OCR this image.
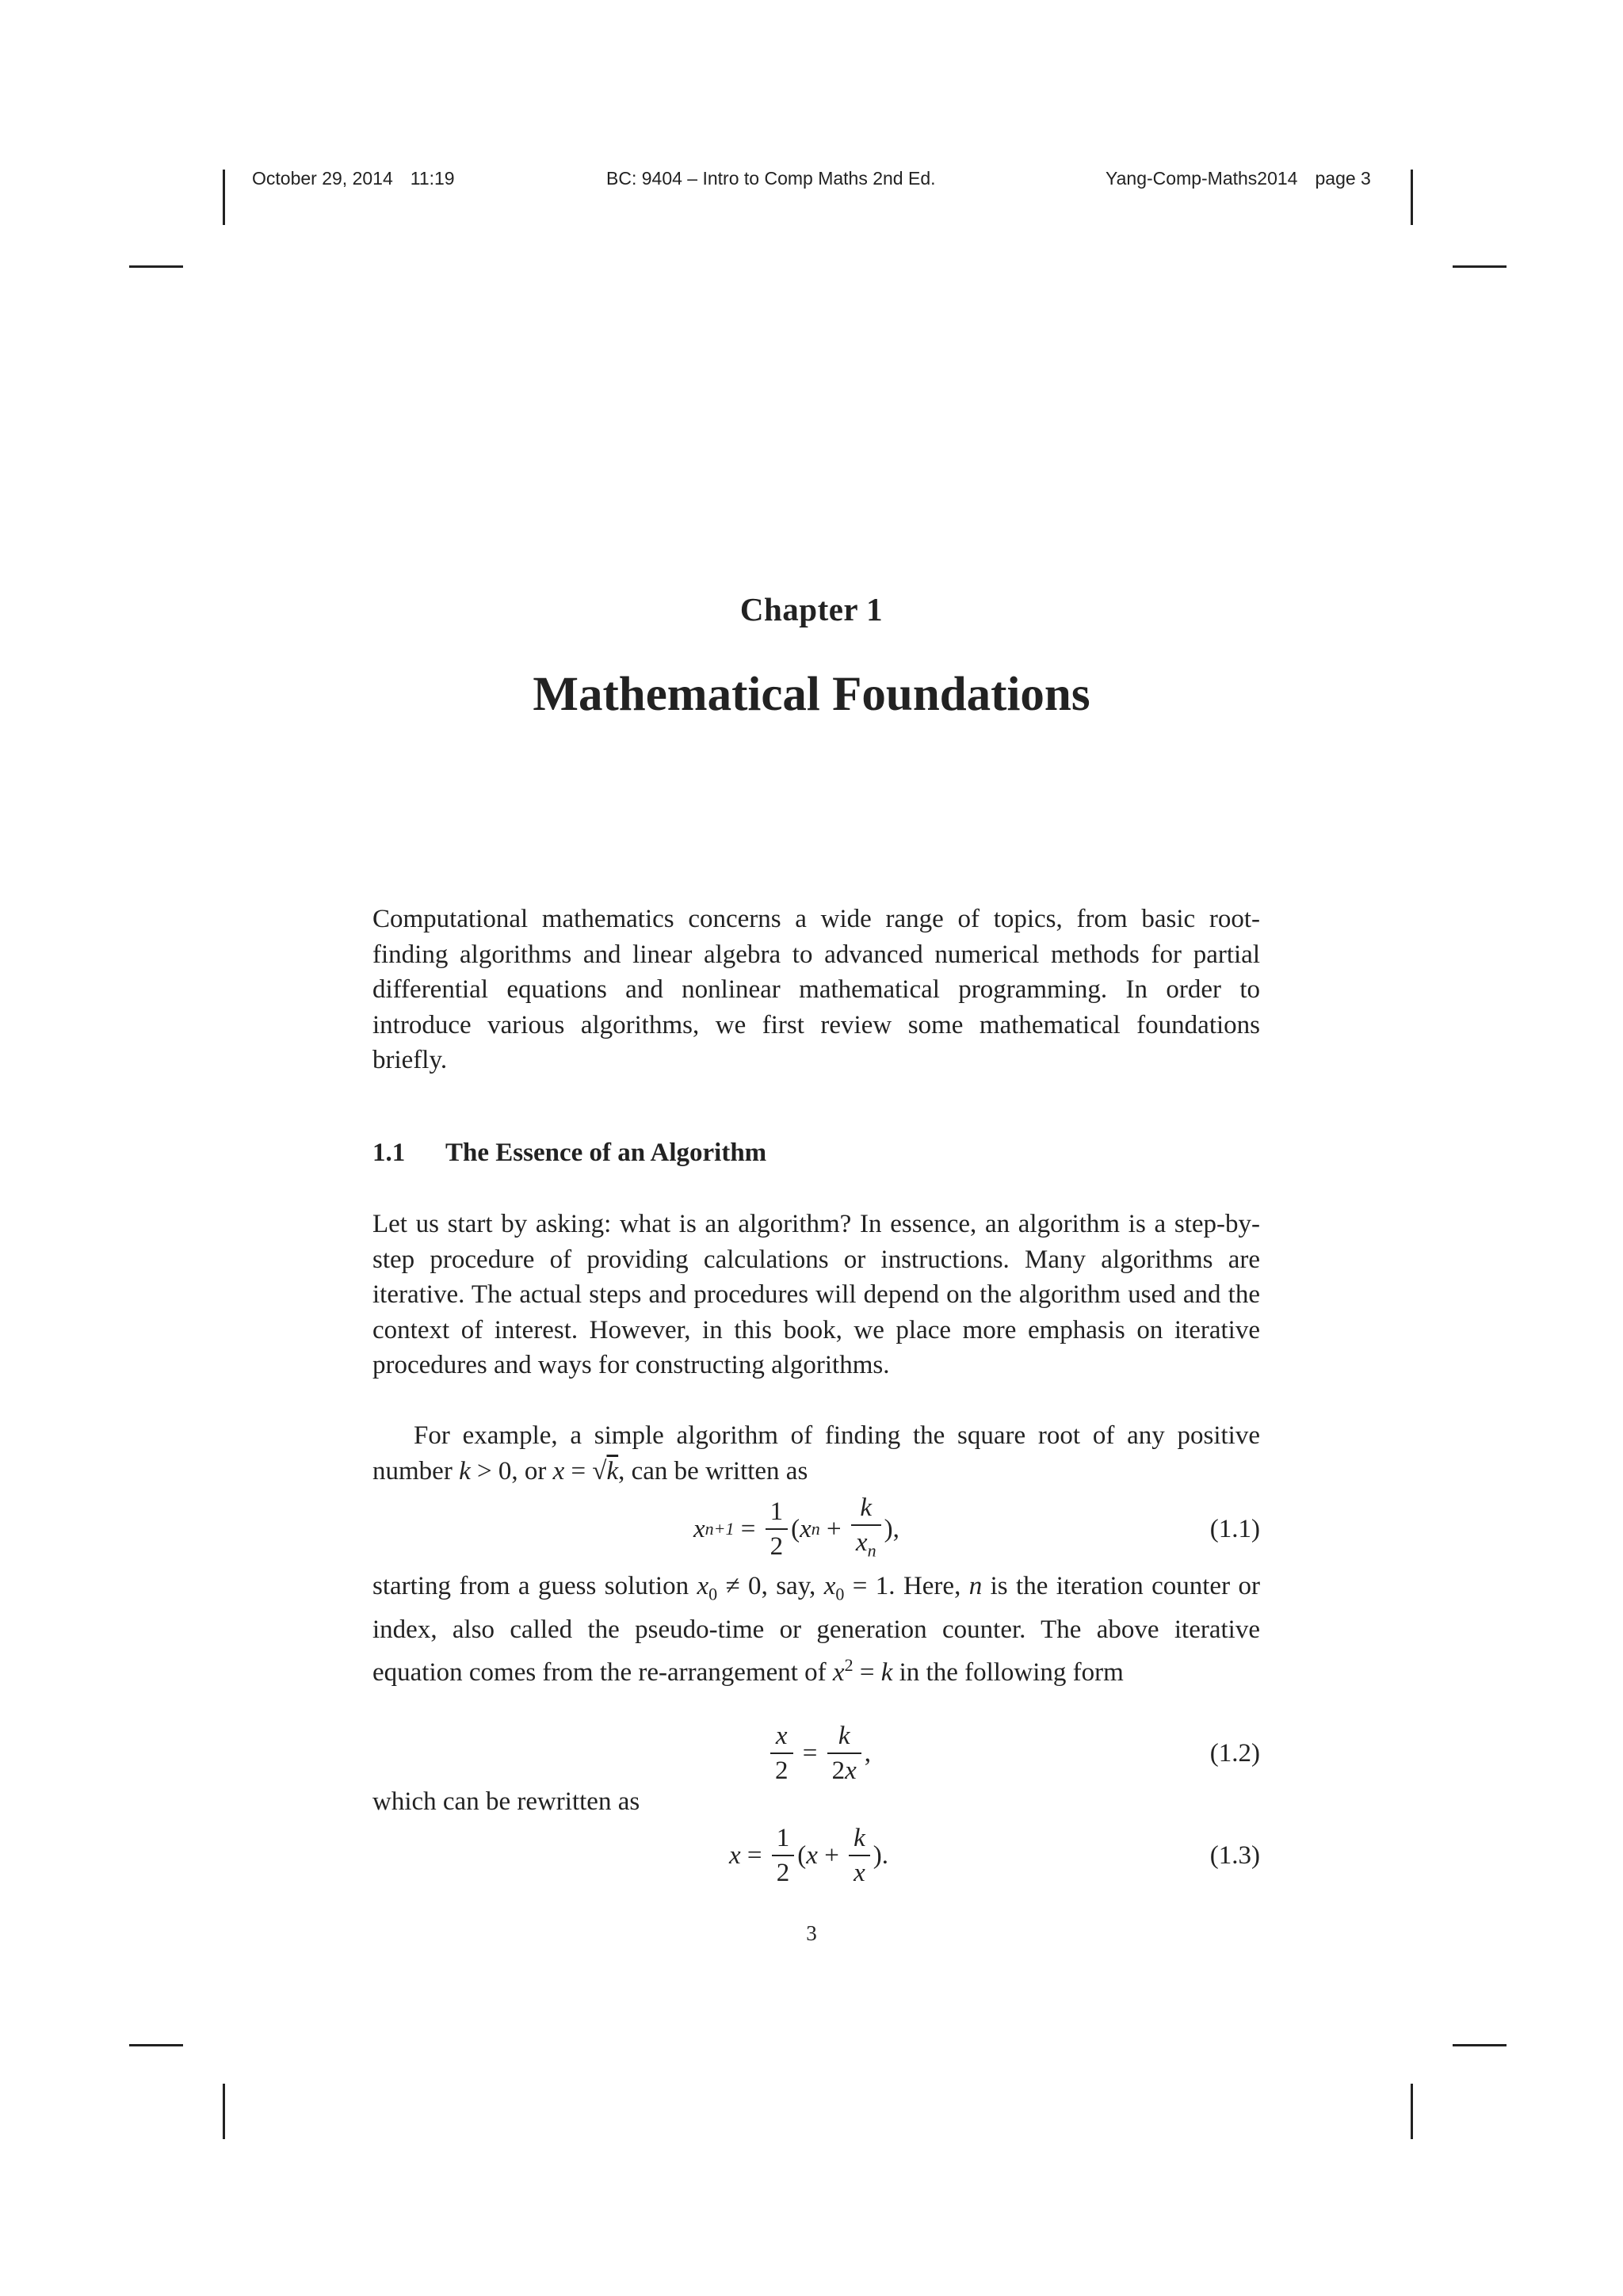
October 29, 2014 11:19	BC: 9404 – Intro to Comp Maths 2nd Ed.	Yang-Comp-Maths2014 page 3
Chapter 1
Mathematical Foundations
Computational mathematics concerns a wide range of topics, from basic root-finding algorithms and linear algebra to advanced numerical methods for partial differential equations and nonlinear mathematical programming. In order to introduce various algorithms, we first review some mathematical foundations briefly.
1.1 The Essence of an Algorithm
Let us start by asking: what is an algorithm? In essence, an algorithm is a step-by-step procedure of providing calculations or instructions. Many algorithms are iterative. The actual steps and procedures will depend on the algorithm used and the context of interest. However, in this book, we place more emphasis on iterative procedures and ways for constructing algorithms.
For example, a simple algorithm of finding the square root of any positive number k > 0, or x = √k, can be written as
x n+1
=
$\frac{1}{2}$ ( x n
+
$\frac{k}{x_n}$ ),	(1.1)
starting from a guess solution $x_0 \ne 0$, say, $x_0 = 1$. Here, n is the iteration counter or index, also called the pseudo-time or generation counter. The above iterative equation comes from the re-arrangement of $x^2 = k$ in the following form
$\frac{x}{2}$
=
$\frac{k}{2x}$ ,	(1.2)
which can be rewritten as
x =
$\frac{1}{2}$ ( x +
$\frac{k}{x}$ ).	(1.3)
3
